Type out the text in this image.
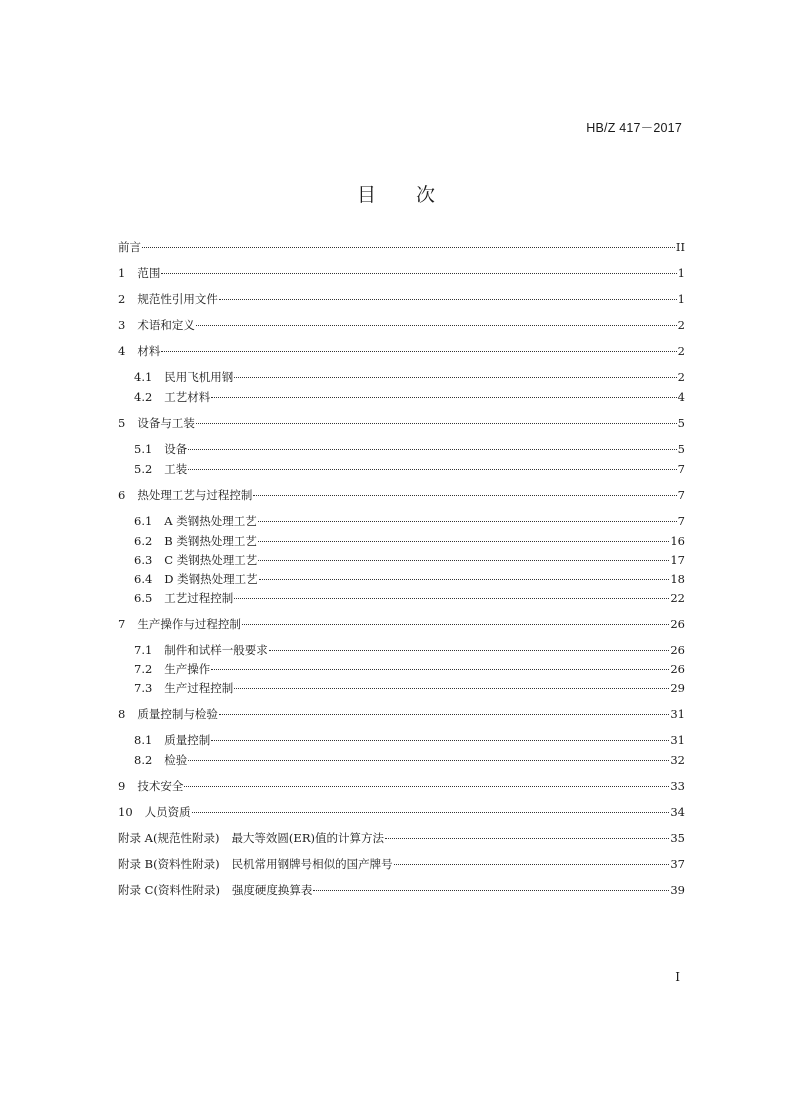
HB/Z 417－2017
目次
前言	II
1 范围	1
2 规范性引用文件	1
3 术语和定义	2
4 材料	2
4.1 民用飞机用钢	2
4.2 工艺材料	4
5 设备与工装	5
5.1 设备	5
5.2 工装	7
6 热处理工艺与过程控制	7
6.1 A 类钢热处理工艺	7
6.2 B 类钢热处理工艺	16
6.3 C 类钢热处理工艺	17
6.4 D 类钢热处理工艺	18
6.5 工艺过程控制	22
7 生产操作与过程控制	26
7.1 制件和试样一般要求	26
7.2 生产操作	26
7.3 生产过程控制	29
8 质量控制与检验	31
8.1 质量控制	31
8.2 检验	32
9 技术安全	33
10 人员资质	34
附录 A(规范性附录) 最大等效圆(ER)值的计算方法	35
附录 B(资料性附录) 民机常用钢牌号相似的国产牌号	37
附录 C(资料性附录) 强度硬度换算表	39
I
